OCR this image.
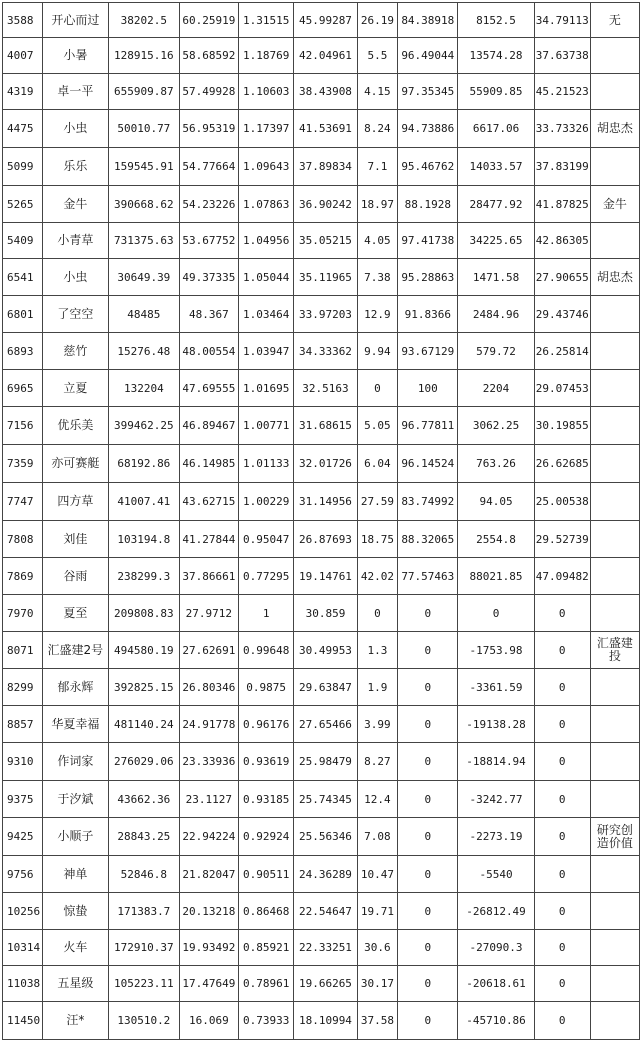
3588	开心而过	38202.5	60.25919	1.31515	45.99287	26.19	84.38918	8152.5	34.79113	无
4007	小暑	128915.16	58.68592	1.18769	42.04961	5.5	96.49044	13574.28	37.63738	
4319	卓一平	655909.87	57.49928	1.10603	38.43908	4.15	97.35345	55909.85	45.21523	
4475	小虫	50010.77	56.95319	1.17397	41.53691	8.24	94.73886	6617.06	33.73326	胡忠杰
5099	乐乐	159545.91	54.77664	1.09643	37.89834	7.1	95.46762	14033.57	37.83199	
5265	金牛	390668.62	54.23226	1.07863	36.90242	18.97	88.1928	28477.92	41.87825	金牛
5409	小青草	731375.63	53.67752	1.04956	35.05215	4.05	97.41738	34225.65	42.86305	
6541	小虫	30649.39	49.37335	1.05044	35.11965	7.38	95.28863	1471.58	27.90655	胡忠杰
6801	了空空	48485	48.367	1.03464	33.97203	12.9	91.8366	2484.96	29.43746	
6893	慈竹	15276.48	48.00554	1.03947	34.33362	9.94	93.67129	579.72	26.25814	
6965	立夏	132204	47.69555	1.01695	32.5163	0	100	2204	29.07453	
7156	优乐美	399462.25	46.89467	1.00771	31.68615	5.05	96.77811	3062.25	30.19855	
7359	亦可赛艇	68192.86	46.14985	1.01133	32.01726	6.04	96.14524	763.26	26.62685	
7747	四方草	41007.41	43.62715	1.00229	31.14956	27.59	83.74992	94.05	25.00538	
7808	刘佳	103194.8	41.27844	0.95047	26.87693	18.75	88.32065	2554.8	29.52739	
7869	谷雨	238299.3	37.86661	0.77295	19.14761	42.02	77.57463	88021.85	47.09482	
7970	夏至	209808.83	27.9712	1	30.859	0	0	0	0	
8071	汇盛建2号	494580.19	27.62691	0.99648	30.49953	1.3	0	-1753.98	0	汇盛建投
8299	郁永辉	392825.15	26.80346	0.9875	29.63847	1.9	0	-3361.59	0	
8857	华夏幸福	481140.24	24.91778	0.96176	27.65466	3.99	0	-19138.28	0	
9310	作词家	276029.06	23.33936	0.93619	25.98479	8.27	0	-18814.94	0	
9375	于汐斌	43662.36	23.1127	0.93185	25.74345	12.4	0	-3242.77	0	
9425	小顺子	28843.25	22.94224	0.92924	25.56346	7.08	0	-2273.19	0	研究创造价值
9756	神单	52846.8	21.82047	0.90511	24.36289	10.47	0	-5540	0	
10256	惊蛰	171383.7	20.13218	0.86468	22.54647	19.71	0	-26812.49	0	
10314	火车	172910.37	19.93492	0.85921	22.33251	30.6	0	-27090.3	0	
11038	五星级	105223.11	17.47649	0.78961	19.66265	30.17	0	-20618.61	0	
11450	汪*	130510.2	16.069	0.73933	18.10994	37.58	0	-45710.86	0	
